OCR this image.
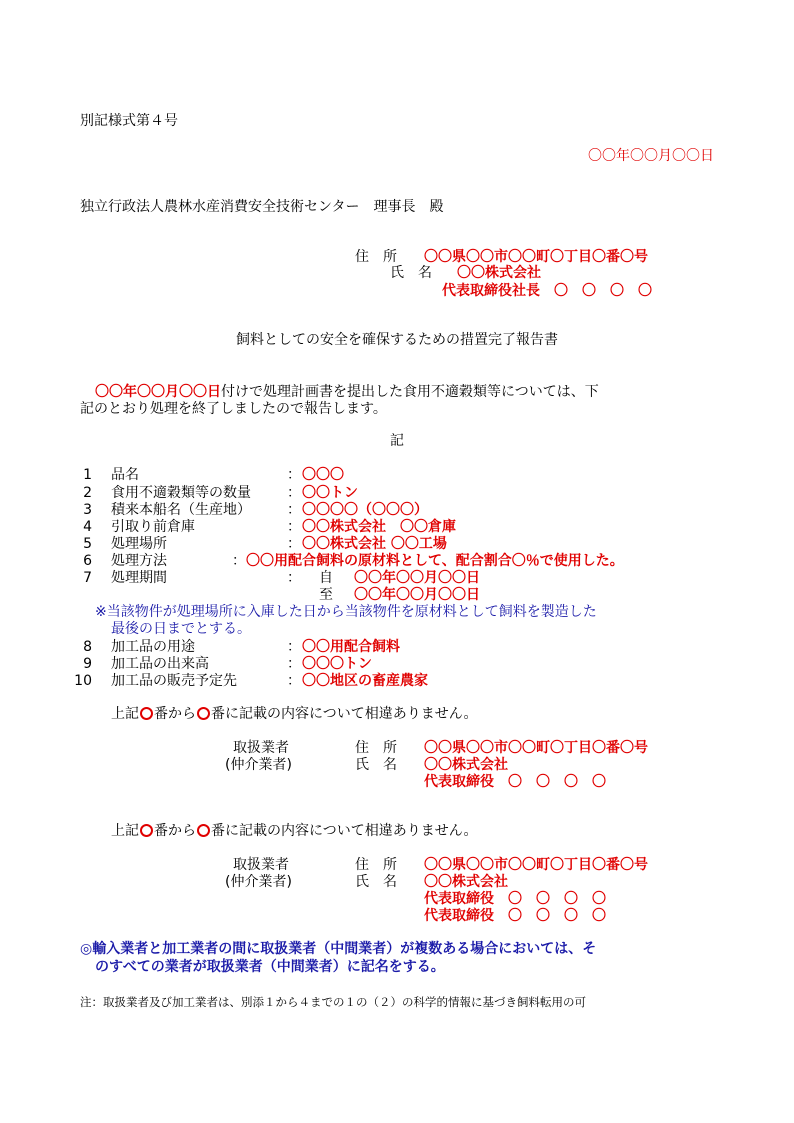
別記様式第４号
〇〇年〇〇月〇〇日
独立行政法人農林水産消費安全技術センター　理事長　殿
住　所 〇〇県〇〇市〇〇町〇丁目〇番〇号
氏　名 〇〇株式会社
代表取締役社長　〇　〇　〇　〇
飼料としての安全を確保するための措置完了報告書
〇〇年〇〇月〇〇日付けで処理計画書を提出した食用不適穀類等については、下
記のとおり処理を終了しましたので報告します。
記
1 品名	： 〇〇〇
2 食用不適穀類等の数量	： 〇〇トン
3 積来本船名（生産地）	： 〇〇〇〇（〇〇〇）
4 引取り前倉庫	： 〇〇株式会社　〇〇倉庫
5 処理場所	： 〇〇株式会社 〇〇工場
6 処理方法	： 〇〇用配合飼料の原材料として、配合割合〇％で使用した。
7 処理期間	： 自 〇〇年〇〇月〇〇日
至 〇〇年〇〇月〇〇日
※当該物件が処理場所に入庫した日から当該物件を原材料として飼料を製造した
最後の日までとする。
8 加工品の用途	： 〇〇用配合飼料
9 加工品の出来高	： 〇〇〇トン
10 加工品の販売予定先	： 〇〇地区の畜産農家
上記 番から 番に記載の内容について相違ありません。
取扱業者
(仲介業者)
住　所 〇〇県〇〇市〇〇町〇丁目〇番〇号
氏　名 〇〇株式会社
代表取締役　〇　〇　〇　〇
上記 番から 番に記載の内容について相違ありません。
取扱業者
(仲介業者)
住　所 〇〇県〇〇市〇〇町〇丁目〇番〇号
氏　名 〇〇株式会社
代表取締役　〇　〇　〇　〇
代表取締役　〇　〇　〇　〇
◎輸入業者と加工業者の間に取扱業者（中間業者）が複数ある場合においては、そ
のすべての業者が取扱業者（中間業者）に記名をする。
注：取扱業者及び加工業者は、別添１から４までの１の（２）の科学的情報に基づき飼料転用の可
